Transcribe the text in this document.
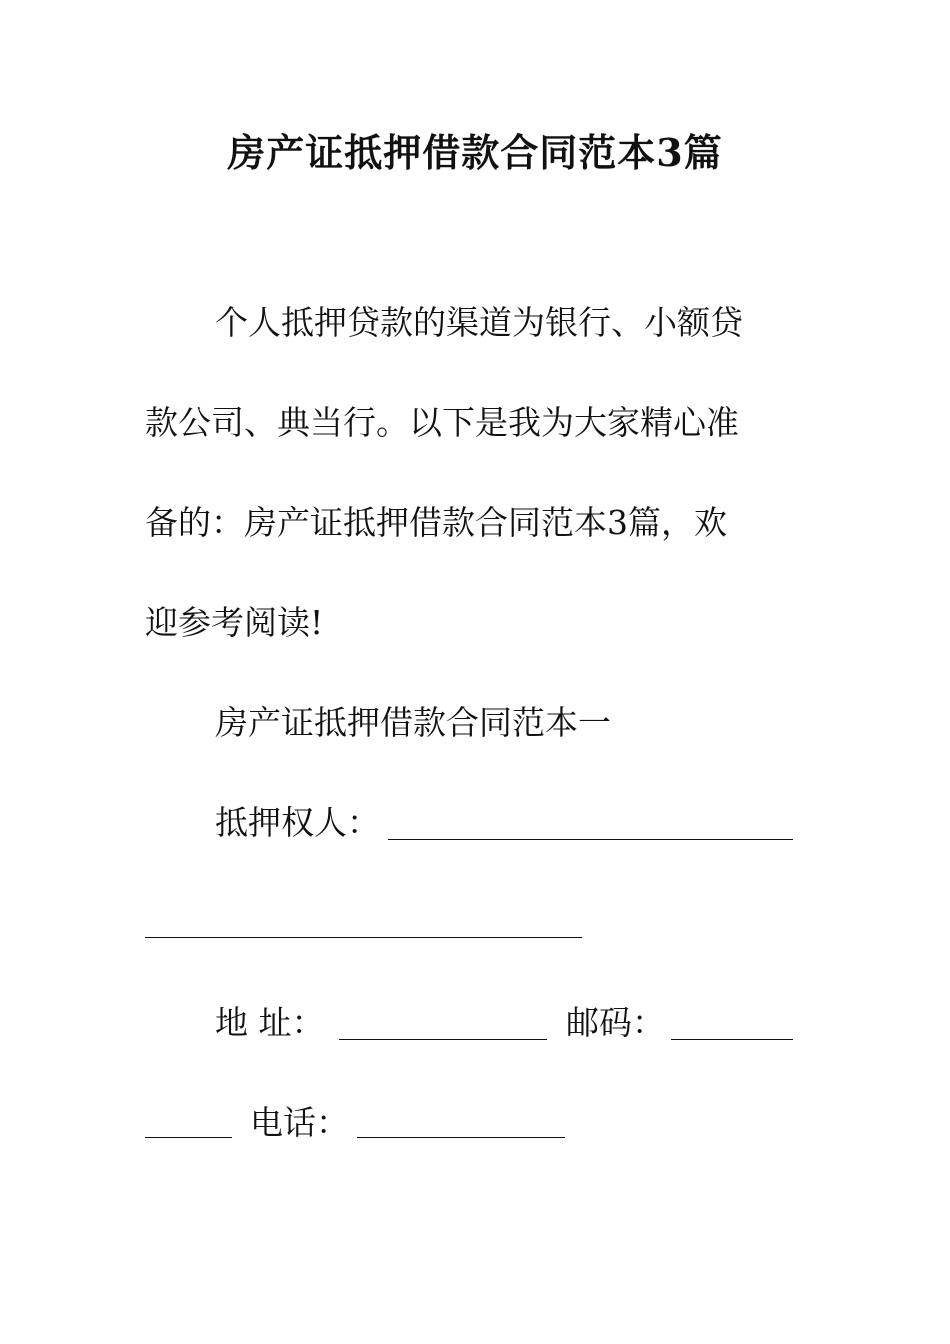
房产证抵押借款合同范本3篇
个人抵押贷款的渠道为银行、小额贷
款公司、典当行。以下是我为大家精心准
备的：房产证抵押借款合同范本3篇，欢
迎参考阅读!
房产证抵押借款合同范本一
抵押权人：
地 址：	邮码：
电话：
